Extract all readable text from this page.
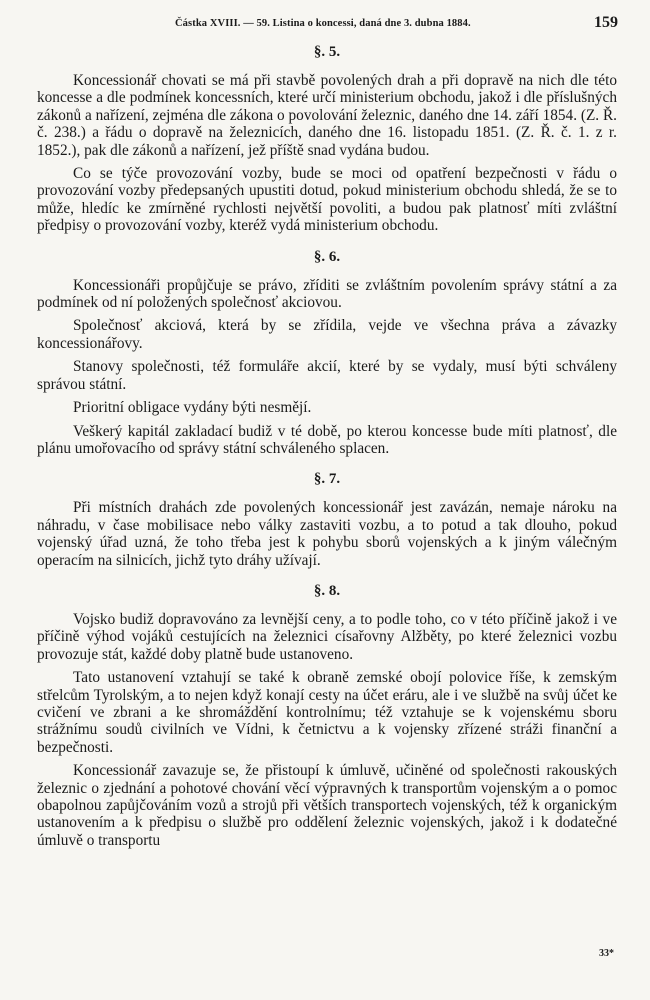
Částka XVIII. — 59. Listina o koncessi, daná dne 3. dubna 1884.	159
§. 5.

Koncessionář chovati se má při stavbě povolených drah a při dopravě na nich dle této koncesse a dle podmínek koncessních, které určí ministerium obchodu, jakož i dle příslušných zákonů a nařízení, zejména dle zákona o povolování železnic, daného dne 14. září 1854. (Z. Ř. č. 238.) a řádu o dopravě na železnicích, daného dne 16. listopadu 1851. (Z. Ř. č. 1. z r. 1852.), pak dle zákonů a nařízení, jež příště snad vydána budou.

Co se týče provozování vozby, bude se moci od opatření bezpečnosti v řádu o provozování vozby předepsaných upustiti dotud, pokud ministerium obchodu shledá, že se to může, hledíc ke zmírněné rychlosti největší povoliti, a budou pak platnosť míti zvláštní předpisy o provozování vozby, kteréž vydá ministerium obchodu.

§. 6.

Koncessionáři propůjčuje se právo, zříditi se zvláštním povolením správy státní a za podmínek od ní položených společnosť akciovou.

Společnosť akciová, která by se zřídila, vejde ve všechna práva a závazky koncessionářovy.

Stanovy společnosti, též formuláře akcií, které by se vydaly, musí býti schváleny správou státní.

Prioritní obligace vydány býti nesmějí.

Veškerý kapitál zakladací budiž v té době, po kterou koncesse bude míti platnosť, dle plánu umořovacího od správy státní schváleného splacen.

§. 7.

Při místních drahách zde povolených koncessionář jest zavázán, nemaje nároku na náhradu, v čase mobilisace nebo války zastaviti vozbu, a to potud a tak dlouho, pokud vojenský úřad uzná, že toho třeba jest k pohybu sborů vojenských a k jiným válečným operacím na silnicích, jichž tyto dráhy užívají.

§. 8.

Vojsko budiž dopravováno za levnější ceny, a to podle toho, co v této příčině jakož i ve příčině výhod vojáků cestujících na železnici císařovny Alžběty, po které železnici vozbu provozuje stát, každé doby platně bude ustanoveno.

Tato ustanovení vztahují se také k obraně zemské obojí polovice říše, k zemským střelcům Tyrolským, a to nejen když konají cesty na účet eráru, ale i ve službě na svůj účet ke cvičení ve zbrani a ke shromáždění kontrolnímu; též vztahuje se k vojenskému sboru strážnímu soudů civilních ve Vídni, k četnictvu a k vojensky zřízené stráži finanční a bezpečnosti.

Koncessionář zavazuje se, že přistoupí k úmluvě, učiněné od společnosti rakouských železnic o zjednání a pohotové chování věcí výpravných k transportům vojenským a o pomoc obapolnou zapůjčováním vozů a strojů při větších transportech vojenských, též k organickým ustanovením a k předpisu o službě pro oddělení železnic vojenských, jakož i k dodatečné úmluvě o transportu

33*
